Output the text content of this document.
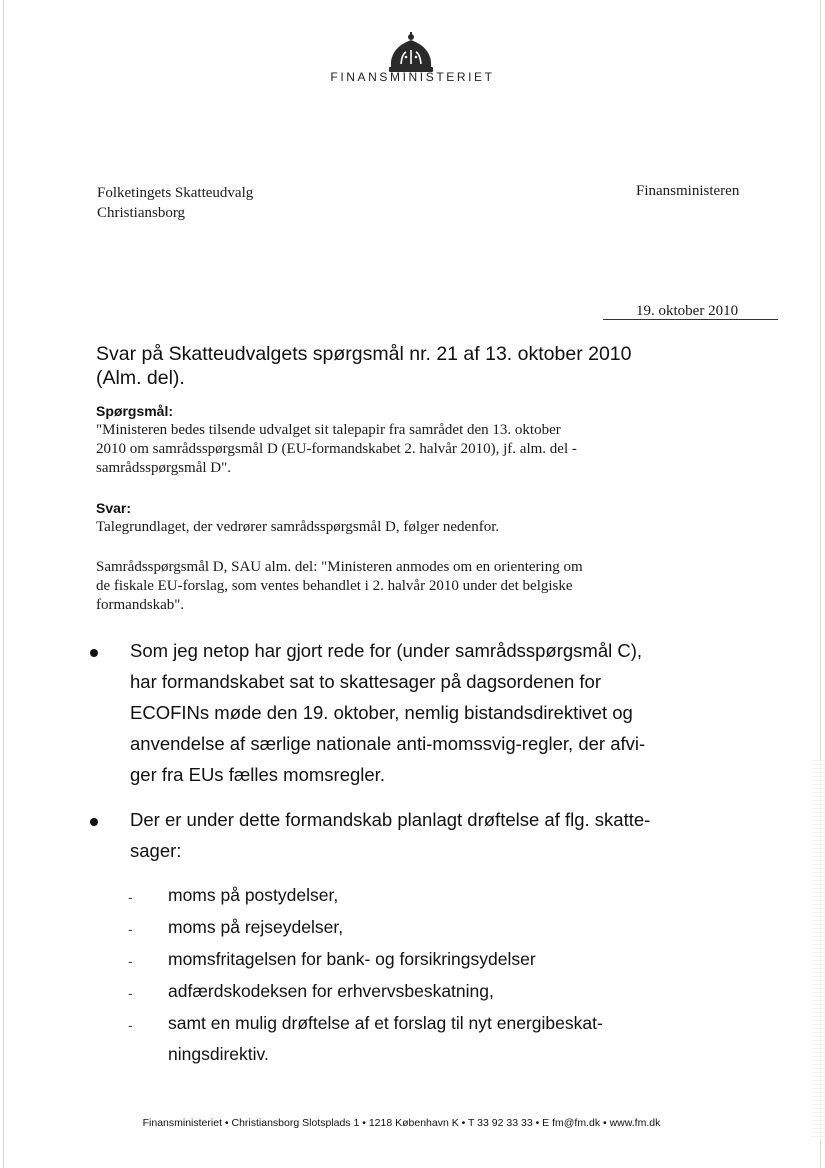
FINANSMINISTERIET
Folketingets Skatteudvalg
Christiansborg
Finansministeren
19. oktober 2010
Svar på Skatteudvalgets spørgsmål nr. 21 af 13. oktober 2010
(Alm. del).
Spørgsmål:
"Ministeren bedes tilsende udvalget sit talepapir fra samrådet den 13. oktober
2010 om samrådsspørgsmål D (EU-formandskabet 2. halvår 2010), jf. alm. del -
samrådsspørgsmål D".
Svar:
Talegrundlaget, der vedrører samrådsspørgsmål D, følger nedenfor.
Samrådsspørgsmål D, SAU alm. del: "Ministeren anmodes om en orientering om
de fiskale EU-forslag, som ventes behandlet i 2. halvår 2010 under det belgiske
formandskab".
Som jeg netop har gjort rede for (under samrådsspørgsmål C),
har formandskabet sat to skattesager på dagsordenen for
ECOFINs møde den 19. oktober, nemlig bistandsdirektivet og
anvendelse af særlige nationale anti-momssvig-regler, der afvi-
ger fra EUs fælles momsregler.
Der er under dette formandskab planlagt drøftelse af flg. skatte-
sager:
- moms på postydelser,
- moms på rejseydelser,
- momsfritagelsen for bank- og forsikringsydelser
- adfærdskodeksen for erhvervsbeskatning,
- samt en mulig drøftelse af et forslag til nyt energibeskat-
ningsdirektiv.
Finansministeriet • Christiansborg Slotsplads 1 • 1218 København K • T 33 92 33 33 • E fm@fm.dk • www.fm.dk
